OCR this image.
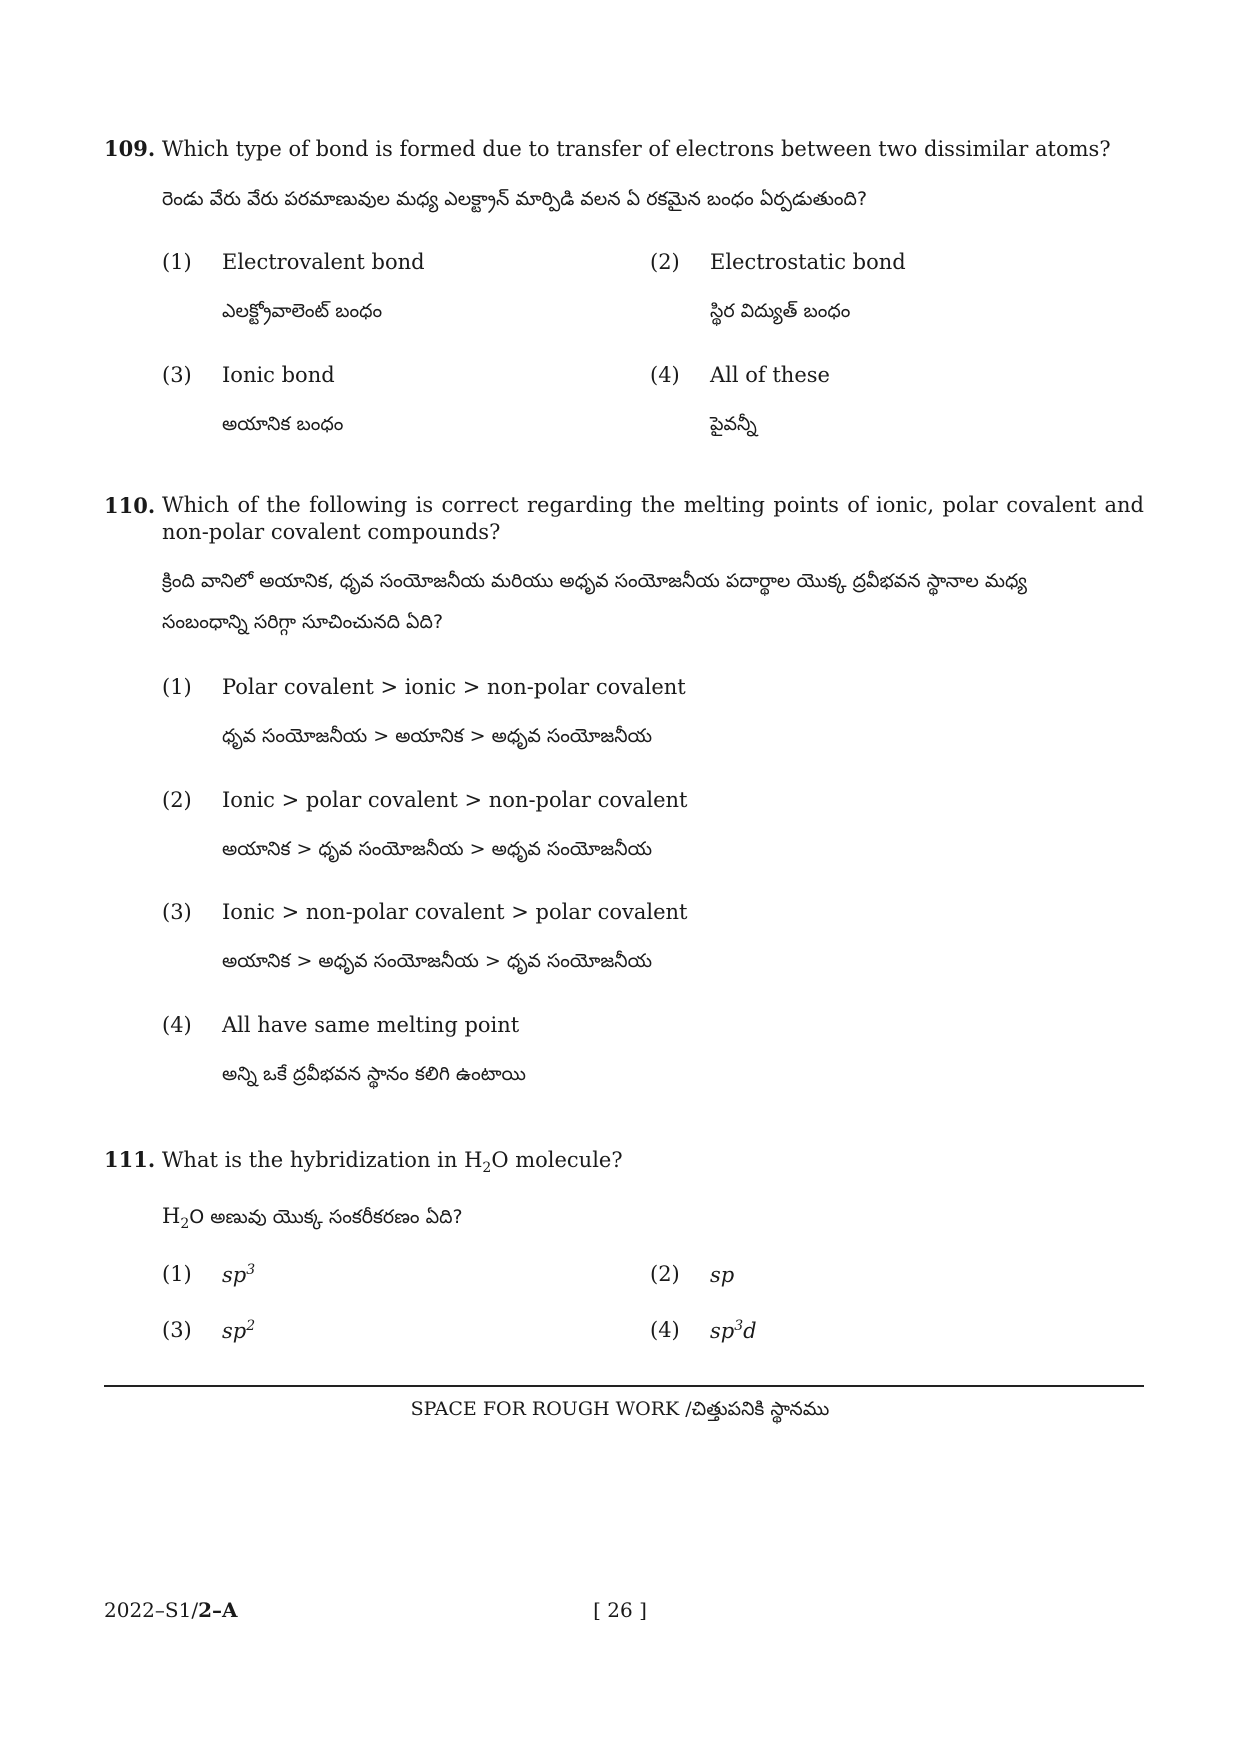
109. Which type of bond is formed due to transfer of electrons between two dissimilar atoms?
రెండు వేరు వేరు పరమాణువుల మధ్య ఎలక్ట్రాన్ మార్పిడి వలన ఏ రకమైన బంధం ఏర్పడుతుంది?
(1) Electrovalent bond
ఎలక్ట్రోవాలెంట్ బంధం
(2) Electrostatic bond
స్థిర విద్యుత్ బంధం
(3) Ionic bond
అయానిక బంధం
(4) All of these
పైవన్నీ
110. Which of the following is correct regarding the melting points of ionic, polar covalent and non-polar covalent compounds?
క్రింది వానిలో అయానిక, ధృవ సంయోజనీయ మరియు అధృవ సంయోజనీయ పదార్థాల యొక్క ద్రవీభవన స్థానాల మధ్య
సంబంధాన్ని సరిగ్గా సూచించునది ఏది?
(1) Polar covalent > ionic > non-polar covalent
ధృవ సంయోజనీయ > అయానిక > అధృవ సంయోజనీయ
(2) Ionic > polar covalent > non-polar covalent
అయానిక > ధృవ సంయోజనీయ > అధృవ సంయోజనీయ
(3) Ionic > non-polar covalent > polar covalent
అయానిక > అధృవ సంయోజనీయ > ధృవ సంయోజనీయ
(4) All have same melting point
అన్ని ఒకే ద్రవీభవన స్థానం కలిగి ఉంటాయి
111. What is the hybridization in $H_2O$ molecule?
$H_2O$ అణువు యొక్క సంకరీకరణం ఏది?
(1) $sp^3$	(2) sp
(3) $sp^2$	(4) $sp^3d$
SPACE FOR ROUGH WORK /చిత్తుపనికి స్థానము
2022–S1/2–A	[ 26 ]
